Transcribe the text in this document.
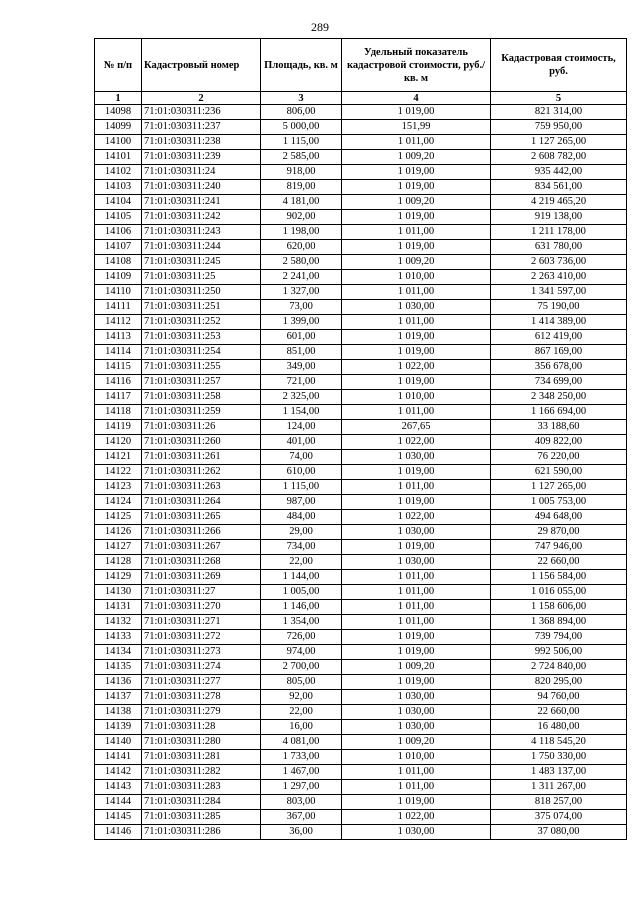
289
№ п/п	Кадастровый номер	Площадь, кв. м	Удельный показатель кадастровой стоимости, руб./кв. м	Кадастровая стоимость, руб.
1	2	3	4	5
14098	71:01:030311:236	806,00	1 019,00	821 314,00
14099	71:01:030311:237	5 000,00	151,99	759 950,00
14100	71:01:030311:238	1 115,00	1 011,00	1 127 265,00
14101	71:01:030311:239	2 585,00	1 009,20	2 608 782,00
14102	71:01:030311:24	918,00	1 019,00	935 442,00
14103	71:01:030311:240	819,00	1 019,00	834 561,00
14104	71:01:030311:241	4 181,00	1 009,20	4 219 465,20
14105	71:01:030311:242	902,00	1 019,00	919 138,00
14106	71:01:030311:243	1 198,00	1 011,00	1 211 178,00
14107	71:01:030311:244	620,00	1 019,00	631 780,00
14108	71:01:030311:245	2 580,00	1 009,20	2 603 736,00
14109	71:01:030311:25	2 241,00	1 010,00	2 263 410,00
14110	71:01:030311:250	1 327,00	1 011,00	1 341 597,00
14111	71:01:030311:251	73,00	1 030,00	75 190,00
14112	71:01:030311:252	1 399,00	1 011,00	1 414 389,00
14113	71:01:030311:253	601,00	1 019,00	612 419,00
14114	71:01:030311:254	851,00	1 019,00	867 169,00
14115	71:01:030311:255	349,00	1 022,00	356 678,00
14116	71:01:030311:257	721,00	1 019,00	734 699,00
14117	71:01:030311:258	2 325,00	1 010,00	2 348 250,00
14118	71:01:030311:259	1 154,00	1 011,00	1 166 694,00
14119	71:01:030311:26	124,00	267,65	33 188,60
14120	71:01:030311:260	401,00	1 022,00	409 822,00
14121	71:01:030311:261	74,00	1 030,00	76 220,00
14122	71:01:030311:262	610,00	1 019,00	621 590,00
14123	71:01:030311:263	1 115,00	1 011,00	1 127 265,00
14124	71:01:030311:264	987,00	1 019,00	1 005 753,00
14125	71:01:030311:265	484,00	1 022,00	494 648,00
14126	71:01:030311:266	29,00	1 030,00	29 870,00
14127	71:01:030311:267	734,00	1 019,00	747 946,00
14128	71:01:030311:268	22,00	1 030,00	22 660,00
14129	71:01:030311:269	1 144,00	1 011,00	1 156 584,00
14130	71:01:030311:27	1 005,00	1 011,00	1 016 055,00
14131	71:01:030311:270	1 146,00	1 011,00	1 158 606,00
14132	71:01:030311:271	1 354,00	1 011,00	1 368 894,00
14133	71:01:030311:272	726,00	1 019,00	739 794,00
14134	71:01:030311:273	974,00	1 019,00	992 506,00
14135	71:01:030311:274	2 700,00	1 009,20	2 724 840,00
14136	71:01:030311:277	805,00	1 019,00	820 295,00
14137	71:01:030311:278	92,00	1 030,00	94 760,00
14138	71:01:030311:279	22,00	1 030,00	22 660,00
14139	71:01:030311:28	16,00	1 030,00	16 480,00
14140	71:01:030311:280	4 081,00	1 009,20	4 118 545,20
14141	71:01:030311:281	1 733,00	1 010,00	1 750 330,00
14142	71:01:030311:282	1 467,00	1 011,00	1 483 137,00
14143	71:01:030311:283	1 297,00	1 011,00	1 311 267,00
14144	71:01:030311:284	803,00	1 019,00	818 257,00
14145	71:01:030311:285	367,00	1 022,00	375 074,00
14146	71:01:030311:286	36,00	1 030,00	37 080,00
